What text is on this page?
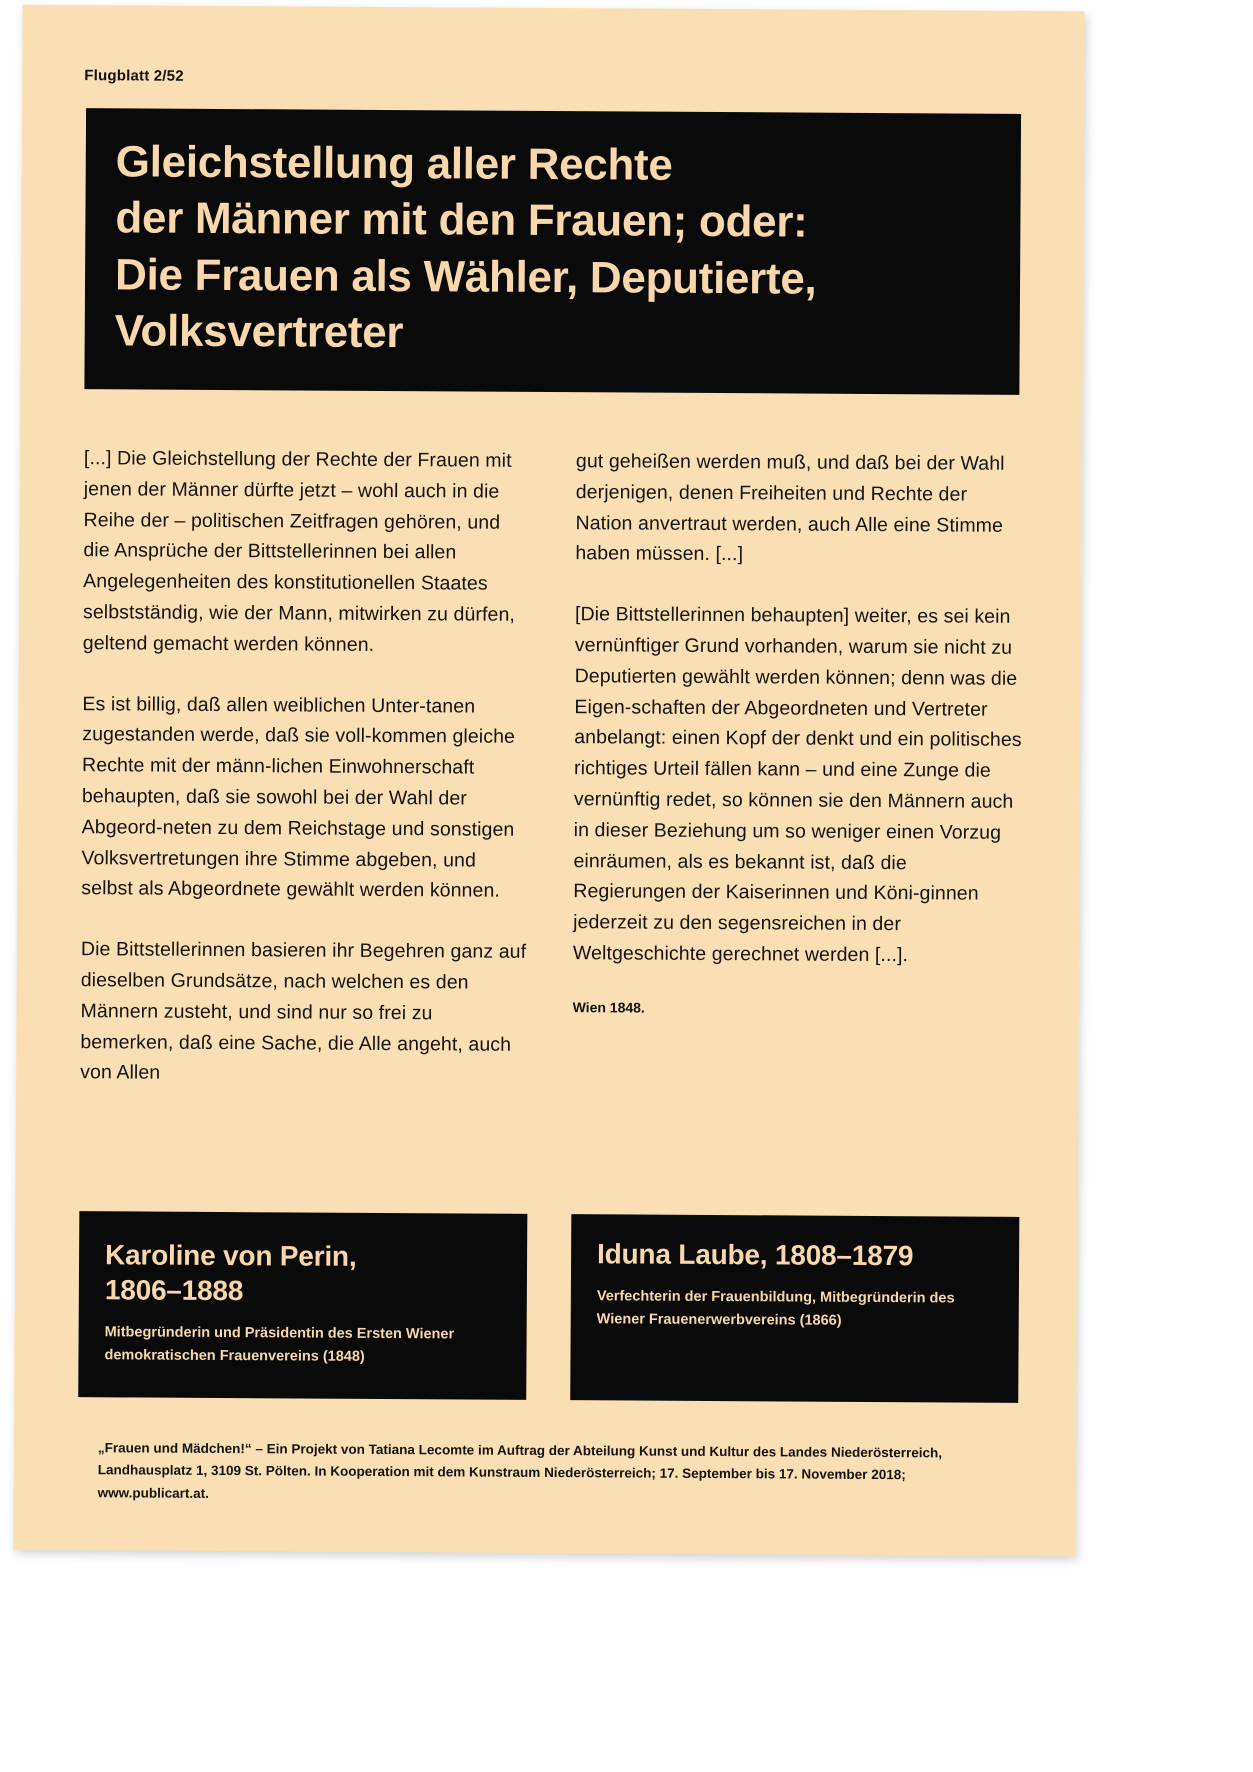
Flugblatt 2/52
Gleichstellung aller Rechte
der Männer mit den Frauen; oder:
Die Frauen als Wähler, Deputierte,
Volksvertreter

[...] Die Gleichstellung der Rechte der Frauen mit jenen der Männer dürfte jetzt – wohl auch in die Reihe der – politischen Zeitfragen gehören, und die Ansprüche der Bittstellerinnen bei allen Angelegenheiten des konstitutionellen Staates selbstständig, wie der Mann, mitwirken zu dürfen, geltend gemacht werden können.

Es ist billig, daß allen weiblichen Unter-tanen zugestanden werde, daß sie voll-kommen gleiche Rechte mit der männ-lichen Einwohnerschaft behaupten, daß sie sowohl bei der Wahl der Abgeord-neten zu dem Reichstage und sonstigen Volksvertretungen ihre Stimme abgeben, und selbst als Abgeordnete gewählt werden können.

Die Bittstellerinnen basieren ihr Begehren ganz auf dieselben Grundsätze, nach welchen es den Männern zusteht, und sind nur so frei zu bemerken, daß eine Sache, die Alle angeht, auch von Allen

gut geheißen werden muß, und daß bei der Wahl derjenigen, denen Freiheiten und Rechte der Nation anvertraut werden, auch Alle eine Stimme haben müssen. [...]

[Die Bittstellerinnen behaupten] weiter, es sei kein vernünftiger Grund vorhanden, warum sie nicht zu Deputierten gewählt werden können; denn was die Eigen-schaften der Abgeordneten und Vertreter anbelangt: einen Kopf der denkt und ein politisches richtiges Urteil fällen kann – und eine Zunge die vernünftig redet, so können sie den Männern auch in dieser Beziehung um so weniger einen Vorzug einräumen, als es bekannt ist, daß die Regierungen der Kaiserinnen und Köni-ginnen jederzeit zu den segensreichen in der Weltgeschichte gerechnet werden [...].

Wien 1848.
Karoline von Perin,
1806–1888
Mitbegründerin und Präsidentin des Ersten Wiener demokratischen Frauenvereins (1848)
Iduna Laube, 1808–1879
Verfechterin der Frauenbildung, Mitbegründerin des Wiener Frauenerwerbvereins (1866)
„Frauen und Mädchen!“ – Ein Projekt von Tatiana Lecomte im Auftrag der Abteilung Kunst und Kultur des Landes Niederösterreich, Landhausplatz 1, 3109 St. Pölten. In Kooperation mit dem Kunstraum Niederösterreich; 17. September bis 17. November 2018; www.publicart.at.
